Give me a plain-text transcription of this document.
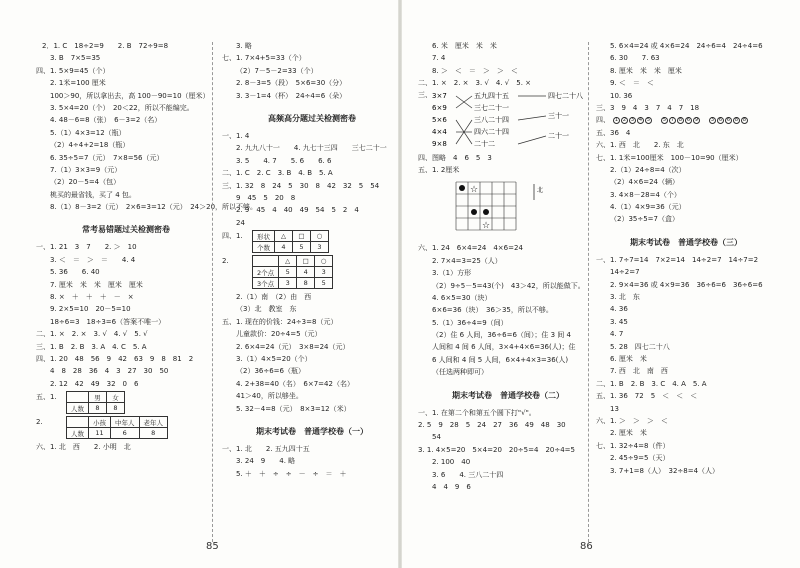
2．1. C　18÷2=9　　2. B　72÷9=8
3. B　7×5=35
四、1. 5×9=45（个）
2. 1米=100 厘米
100＞90，所以拿出去，高 100－90=10（厘米）
3. 5×4=20（个）　20＜22，所以不能编完。
4. 48－6=8（张）　6－3=2（名）
5.（1）4×3=12（瓶）
（2）4÷4+2=18（瓶）
6. 35÷5=7（元）　7×8=56（元）
7.（1）3×3=9（元）
（2）20－5=4（包）
桃买的最省钱，买了 4 包。
8.（1）8－3=2（元）　2×6=3=12（元）　24＞20，所以不够。
常考易错题过关检测密卷
一、1. 21　3　7　　2. ＞　10
3. ＜　＝　＞　＝　　4. 4
5. 36　　6. 40
7. 厘米　米　米　厘米　厘米
8. ×　＋　＋　＋　－　×
9. 2×5=10　20－5=10
18÷6=3　18÷3=6（答案不唯一）
二、1. ×　2. ×　3. √　4. √　5. √
三、1. B　2. B　3. A　4. C　5. A
四、1. 20　48　56　9　42　63　9　8　81　2
4　8　28　36　4　3　27　30　50
2. 12　42　49　32　0　6
五、1.
		男	女
人数	8	8
2.
		小孩	中年人	老年人
人数	11	6	8
六、1. 北　西　　2. 小明　北
3. 略
七、1. 7×4+5=33（个）
（2）7－5－2=33（个）
2. 8－3=5（段）　5×6=30（分）
3. 3－1=4（杯）　24÷4=6（朵）
高频高分题过关检测密卷
一、1. 4
2. 九九八十一　　4. 九七十三四　　三七二十一
3. 5　　4. 7　　5. 6　　6. 6
二、1. C　2. C　3. B　4. B　5. A
三、1. 32　8　24　5　30　8　42　32　5　54
9　45　5　20　8
2. 9　45　4　40　49　54　5　2　4
24
四、1.	形状	△	□	○
个数	4	5	3
2.
		△	□	○
2个点	5	4	3
3个点	3	8	5
2.（1）南　（2）由　西
（3）北　教室　东
五、1. 现在的价钱：24÷3=8（元）
儿童款价：20÷4=5（元）
2. 6×4=24（元）　3×8=24（元）
3.（1）4×5=20（个）
（2）36÷6=6（瓶）
4. 2+38=40（名）　6×7=42（名）
41＞40，所以够坐。
5. 32－4=8（元）　8×3=12（米）
期末考试卷　普通学校卷（一）
一、1. 北　　2. 五九四十五
3. 24　9　　4. 略
5. ＋　＋　÷　÷　－　÷　＝　＋
85
6. 米　厘米　米　米
7. 4
8. ＞　＜　＝　＞　＞　＜
二、1. ×　2. ×　3. √　4. √　5. ×
三、 3×7
6×9
5×6
4×4
9×8
五九四十五
三七二十一
三八二十四
四六二十四
二十二
四七二十八
三十一
二十一
四、图略　4　6　5　3
五、1. 2厘米
☆
☆
北
六、1. 24　6×4=24　4×6=24
2. 7×4=3=25（人）
3.（1）方形
（2）9÷5－5=43(个)　43＞42，所以能做下。
4. 6×5=30（块）
6×6=36（块）　36＞35，所以不够。
5.（1）36÷4=9（间）
（2）住 6 人间，36÷6=6（间）；住 3 间 4
人间和 4 间 6 人间，3×4+4×6=36(人)；住
6 人间和 4 间 5 人间，6×4+4×3=36(人)
（任选两种即可）
期末考试卷　普通学校卷（二）
一、1. 在第二个和第五个圆下打"√"。
2. 5　9　28　5　24　27　36　49　48　30
54
3. 1. 4×5=20　5×4=20　20÷5=4　20÷4=5
2. 100　40
3. 6　　4. 三八二十四
4　4　9　6
5. 6×4=24 或 4×6=24　24÷6=4　24÷4=6
6. 30　　7. 63
8. 厘米　米　米　厘米
9. ＜　＝　＜
10. 36
三、3　9　4　3　7　4　7　18
四、 1 2 3 4 5	5 7 8 6 9	3 6 6 8 8
五、36　4
六、1. 西　北　　2. 东　北
七、1. 1米=100厘米　100－10=90（厘米）
2.（1）24÷8=4（次）
（2）4×6=24（辆）
3. 4×8－28=4（个）
4.（1）4×9=36（元）
（2）35÷5=7（盒）
期末考试卷　普通学校卷（三）
一、1. 7÷7=14　7×2=14　14÷2=7　14÷7=2
14÷2=7
2. 9×4=36 或 4×9=36　36÷6=6　36÷6=6
3. 北　东
4. 36
3. 45
4. 7
5. 28　四七二十八
6. 厘米　米
7. 西　北　南　西
二、1. B　2. B　3. C　4. A　5. A
五、1. 36　72　5　＜　＜　＜
13
六、1. ＞　＞　＞　＜
2. 厘米　米
七、1. 32÷4=8（件）
2. 45÷9=5（天）
3. 7+1=8（人）　32÷8=4（人）
86
